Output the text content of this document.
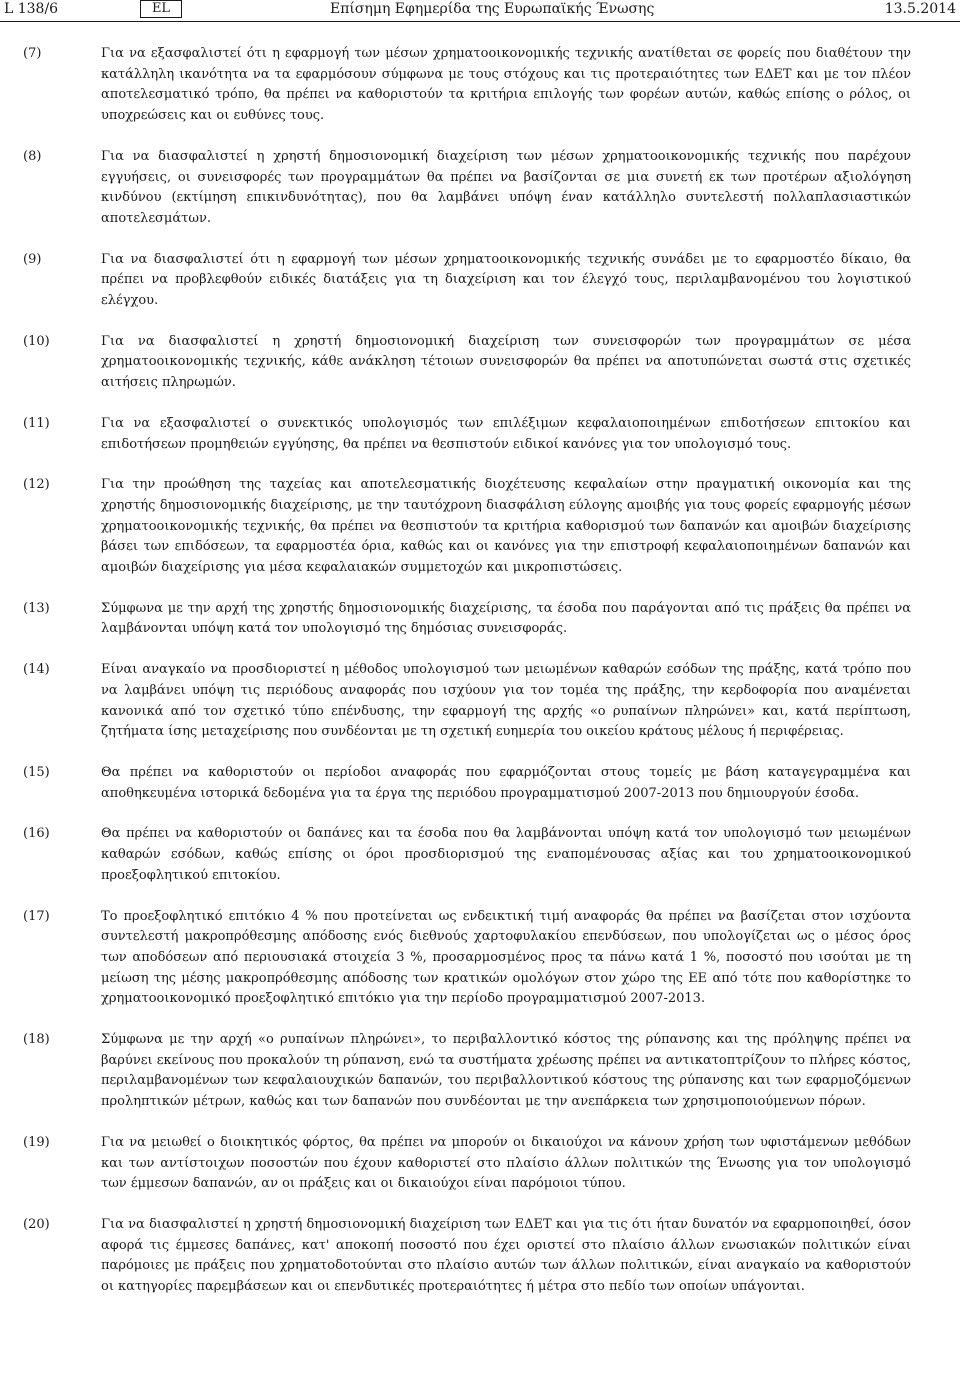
L 138/6	EL	Επίσημη Εφημερίδα της Ευρωπαϊκής Ένωσης	13.5.2014
(7)	Για να εξασφαλιστεί ότι η εφαρμογή των μέσων χρηματοοικονομικής τεχνικής ανατίθεται σε φορείς που διαθέτουν την κατάλληλη ικανότητα να τα εφαρμόσουν σύμφωνα με τους στόχους και τις προτεραιότητες των ΕΔΕΤ και με τον πλέον αποτελεσματικό τρόπο, θα πρέπει να καθοριστούν τα κριτήρια επιλογής των φορέων αυτών, καθώς επίσης ο ρόλος, οι υποχρεώσεις και οι ευθύνες τους.
(8)	Για να διασφαλιστεί η χρηστή δημοσιονομική διαχείριση των μέσων χρηματοοικονομικής τεχνικής που παρέχουν εγγυήσεις, οι συνεισφορές των προγραμμάτων θα πρέπει να βασίζονται σε μια συνετή εκ των προτέρων αξιολόγηση κινδύνου (εκτίμηση επικινδυνότητας), που θα λαμβάνει υπόψη έναν κατάλληλο συντελεστή πολλαπλασιαστικών αποτελεσμάτων.
(9)	Για να διασφαλιστεί ότι η εφαρμογή των μέσων χρηματοοικονομικής τεχνικής συνάδει με το εφαρμοστέο δίκαιο, θα πρέπει να προβλεφθούν ειδικές διατάξεις για τη διαχείριση και τον έλεγχό τους, περιλαμβανομένου του λογιστικού ελέγχου.
(10)	Για να διασφαλιστεί η χρηστή δημοσιονομική διαχείριση των συνεισφορών των προγραμμάτων σε μέσα χρηματοοικονομικής τεχνικής, κάθε ανάκληση τέτοιων συνεισφορών θα πρέπει να αποτυπώνεται σωστά στις σχετικές αιτήσεις πληρωμών.
(11)	Για να εξασφαλιστεί ο συνεκτικός υπολογισμός των επιλέξιμων κεφαλαιοποιημένων επιδοτήσεων επιτοκίου και επιδοτήσεων προμηθειών εγγύησης, θα πρέπει να θεσπιστούν ειδικοί κανόνες για τον υπολογισμό τους.
(12)	Για την προώθηση της ταχείας και αποτελεσματικής διοχέτευσης κεφαλαίων στην πραγματική οικονομία και της χρηστής δημοσιονομικής διαχείρισης, με την ταυτόχρονη διασφάλιση εύλογης αμοιβής για τους φορείς εφαρμογής μέσων χρηματοοικονομικής τεχνικής, θα πρέπει να θεσπιστούν τα κριτήρια καθορισμού των δαπανών και αμοιβών διαχείρισης βάσει των επιδόσεων, τα εφαρμοστέα όρια, καθώς και οι κανόνες για την επιστροφή κεφαλαιοποιημένων δαπανών και αμοιβών διαχείρισης για μέσα κεφαλαιακών συμμετοχών και μικροπιστώσεις.
(13)	Σύμφωνα με την αρχή της χρηστής δημοσιονομικής διαχείρισης, τα έσοδα που παράγονται από τις πράξεις θα πρέπει να λαμβάνονται υπόψη κατά τον υπολογισμό της δημόσιας συνεισφοράς.
(14)	Είναι αναγκαίο να προσδιοριστεί η μέθοδος υπολογισμού των μειωμένων καθαρών εσόδων της πράξης, κατά τρόπο που να λαμβάνει υπόψη τις περιόδους αναφοράς που ισχύουν για τον τομέα της πράξης, την κερδοφορία που αναμένεται κανονικά από τον σχετικό τύπο επένδυσης, την εφαρμογή της αρχής «ο ρυπαίνων πληρώνει» και, κατά περίπτωση, ζητήματα ίσης μεταχείρισης που συνδέονται με τη σχετική ευημερία του οικείου κράτους μέλους ή περιφέρειας.
(15)	Θα πρέπει να καθοριστούν οι περίοδοι αναφοράς που εφαρμόζονται στους τομείς με βάση καταγεγραμμένα και αποθηκευμένα ιστορικά δεδομένα για τα έργα της περιόδου προγραμματισμού 2007-2013 που δημιουργούν έσοδα.
(16)	Θα πρέπει να καθοριστούν οι δαπάνες και τα έσοδα που θα λαμβάνονται υπόψη κατά τον υπολογισμό των μειωμένων καθαρών εσόδων, καθώς επίσης οι όροι προσδιορισμού της εναπομένουσας αξίας και του χρηματοοικονομικού προεξοφλητικού επιτοκίου.
(17)	Το προεξοφλητικό επιτόκιο 4 % που προτείνεται ως ενδεικτική τιμή αναφοράς θα πρέπει να βασίζεται στον ισχύοντα συντελεστή μακροπρόθεσμης απόδοσης ενός διεθνούς χαρτοφυλακίου επενδύσεων, που υπολογίζεται ως ο μέσος όρος των αποδόσεων από περιουσιακά στοιχεία 3 %, προσαρμοσμένος προς τα πάνω κατά 1 %, ποσοστό που ισούται με τη μείωση της μέσης μακροπρόθεσμης απόδοσης των κρατικών ομολόγων στον χώρο της ΕΕ από τότε που καθορίστηκε το χρηματοοικονομικό προεξοφλητικό επιτόκιο για την περίοδο προγραμματισμού 2007-2013.
(18)	Σύμφωνα με την αρχή «ο ρυπαίνων πληρώνει», το περιβαλλοντικό κόστος της ρύπανσης και της πρόληψης πρέπει να βαρύνει εκείνους που προκαλούν τη ρύπανση, ενώ τα συστήματα χρέωσης πρέπει να αντικατοπτρίζουν το πλήρες κόστος, περιλαμβανομένων των κεφαλαιουχικών δαπανών, του περιβαλλοντικού κόστους της ρύπανσης και των εφαρμοζόμενων προληπτικών μέτρων, καθώς και των δαπανών που συνδέονται με την ανεπάρκεια των χρησιμοποιούμενων πόρων.
(19)	Για να μειωθεί ο διοικητικός φόρτος, θα πρέπει να μπορούν οι δικαιούχοι να κάνουν χρήση των υφιστάμενων μεθόδων και των αντίστοιχων ποσοστών που έχουν καθοριστεί στο πλαίσιο άλλων πολιτικών της Ένωσης για τον υπολογισμό των έμμεσων δαπανών, αν οι πράξεις και οι δικαιούχοι είναι παρόμοιοι τύπου.
(20)	Για να διασφαλιστεί η χρηστή δημοσιονομική διαχείριση των ΕΔΕΤ και για τις ότι ήταν δυνατόν να εφαρμοποιηθεί, όσον αφορά τις έμμεσες δαπάνες, κατ' αποκοπή ποσοστό που έχει οριστεί στο πλαίσιο άλλων ενωσιακών πολιτικών είναι παρόμοιες με πράξεις που χρηματοδοτούνται στο πλαίσιο αυτών των άλλων πολιτικών, είναι αναγκαίο να καθοριστούν οι κατηγορίες παρεμβάσεων και οι επενδυτικές προτεραιότητες ή μέτρα στο πεδίο των οποίων υπάγονται.
